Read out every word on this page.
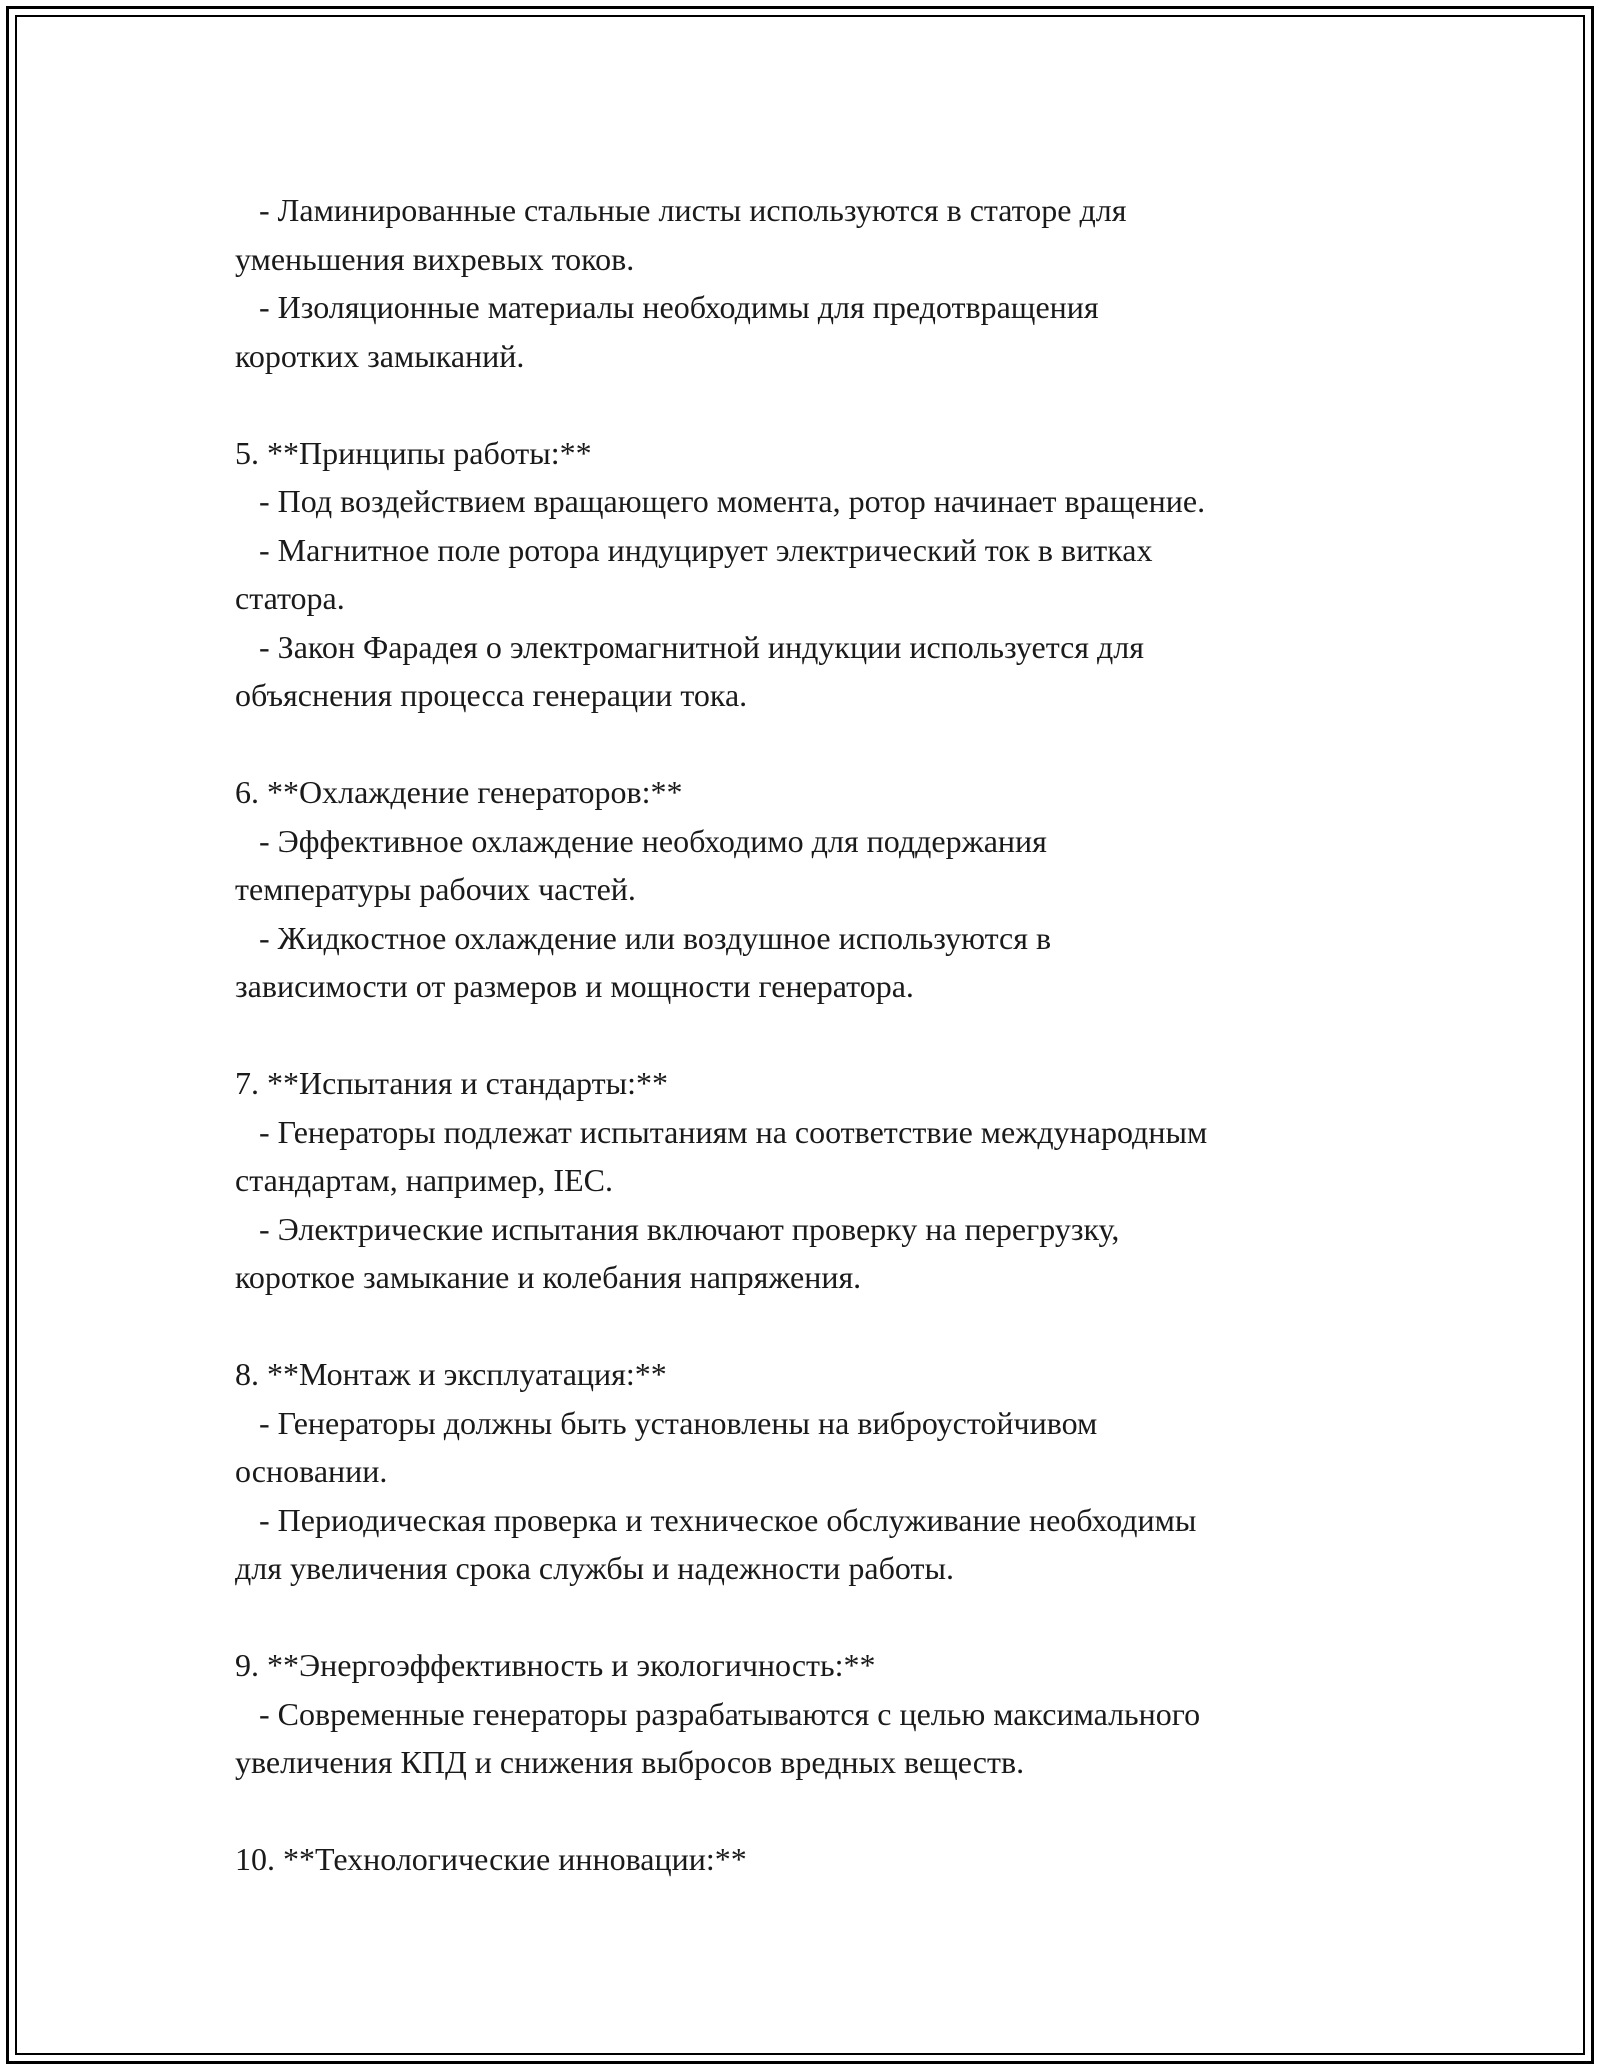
- Ламинированные стальные листы используются в статоре для
уменьшения вихревых токов.
- Изоляционные материалы необходимы для предотвращения
коротких замыканий.
5. **Принципы работы:**
- Под воздействием вращающего момента, ротор начинает вращение.
- Магнитное поле ротора индуцирует электрический ток в витках
статора.
- Закон Фарадея о электромагнитной индукции используется для
объяснения процесса генерации тока.
6. **Охлаждение генераторов:**
- Эффективное охлаждение необходимо для поддержания
температуры рабочих частей.
- Жидкостное охлаждение или воздушное используются в
зависимости от размеров и мощности генератора.
7. **Испытания и стандарты:**
- Генераторы подлежат испытаниям на соответствие международным
стандартам, например, IEC.
- Электрические испытания включают проверку на перегрузку,
короткое замыкание и колебания напряжения.
8. **Монтаж и эксплуатация:**
- Генераторы должны быть установлены на виброустойчивом
основании.
- Периодическая проверка и техническое обслуживание необходимы
для увеличения срока службы и надежности работы.
9. **Энергоэффективность и экологичность:**
- Современные генераторы разрабатываются с целью максимального
увеличения КПД и снижения выбросов вредных веществ.
10. **Технологические инновации:**
